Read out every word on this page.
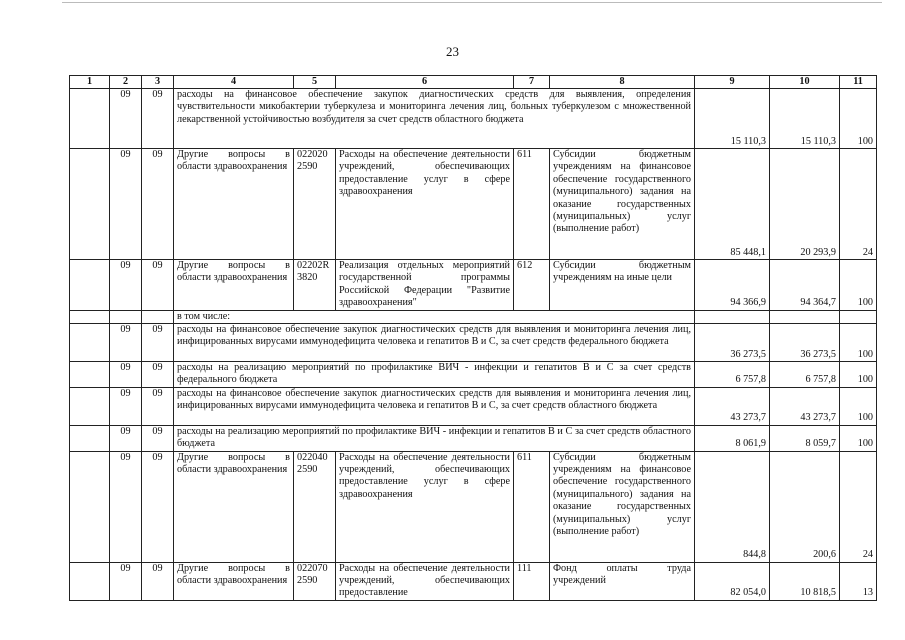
23
1	2	3	4	5	6	7	8	9	10	11
	09	09	расходы на финансовое обеспечение закупок диагностических средств для выявления, определения чувствительности микобактерии туберкулеза и мониторинга лечения лиц, больных туберкулезом с множественной лекарственной устойчивостью возбудителя за счет средств областного бюджета					15 110,3	15 110,3	100
	09	09	Другие вопросы в области здравоохранения	022020 2590	Расходы на обеспечение деятельности учреждений, обеспечивающих предоставление услуг в сфере здравоохранения	611	Субсидии бюджетным учреждениям на финансовое обеспечение государственного (муниципального) задания на оказание государственных (муниципальных) услуг (выполнение работ)	85 448,1	20 293,9	24
	09	09	Другие вопросы в области здравоохранения	02202R 3820	Реализация отдельных мероприятий государственной программы Российской Федерации "Развитие здравоохранения"	612	Субсидии бюджетным учреждениям на иные цели	94 366,9	94 364,7	100
			в том числе:							
	09	09	расходы на финансовое обеспечение закупок диагностических средств для выявления и мониторинга лечения лиц, инфицированных вирусами иммунодефицита человека и гепатитов В и С, за счет средств федерального бюджета					36 273,5	36 273,5	100
	09	09	расходы на реализацию мероприятий по профилактике ВИЧ - инфекции и гепатитов В и С за счет средств федерального бюджета					6 757,8	6 757,8	100
	09	09	расходы на финансовое обеспечение закупок диагностических средств для выявления и мониторинга лечения лиц, инфицированных вирусами иммунодефицита человека и гепатитов В и С, за счет средств областного бюджета					43 273,7	43 273,7	100
	09	09	расходы на реализацию мероприятий по профилактике ВИЧ - инфекции и гепатитов В и С за счет средств областного бюджета					8 061,9	8 059,7	100
	09	09	Другие вопросы в области здравоохранения	022040 2590	Расходы на обеспечение деятельности учреждений, обеспечивающих предоставление услуг в сфере здравоохранения	611	Субсидии бюджетным учреждениям на финансовое обеспечение государственного (муниципального) задания на оказание государственных (муниципальных) услуг (выполнение работ)	844,8	200,6	24
	09	09	Другие вопросы в области здравоохранения	022070 2590	Расходы на обеспечение деятельности учреждений, обеспечивающих предоставление	111	Фонд оплаты труда учреждений	82 054,0	10 818,5	13
